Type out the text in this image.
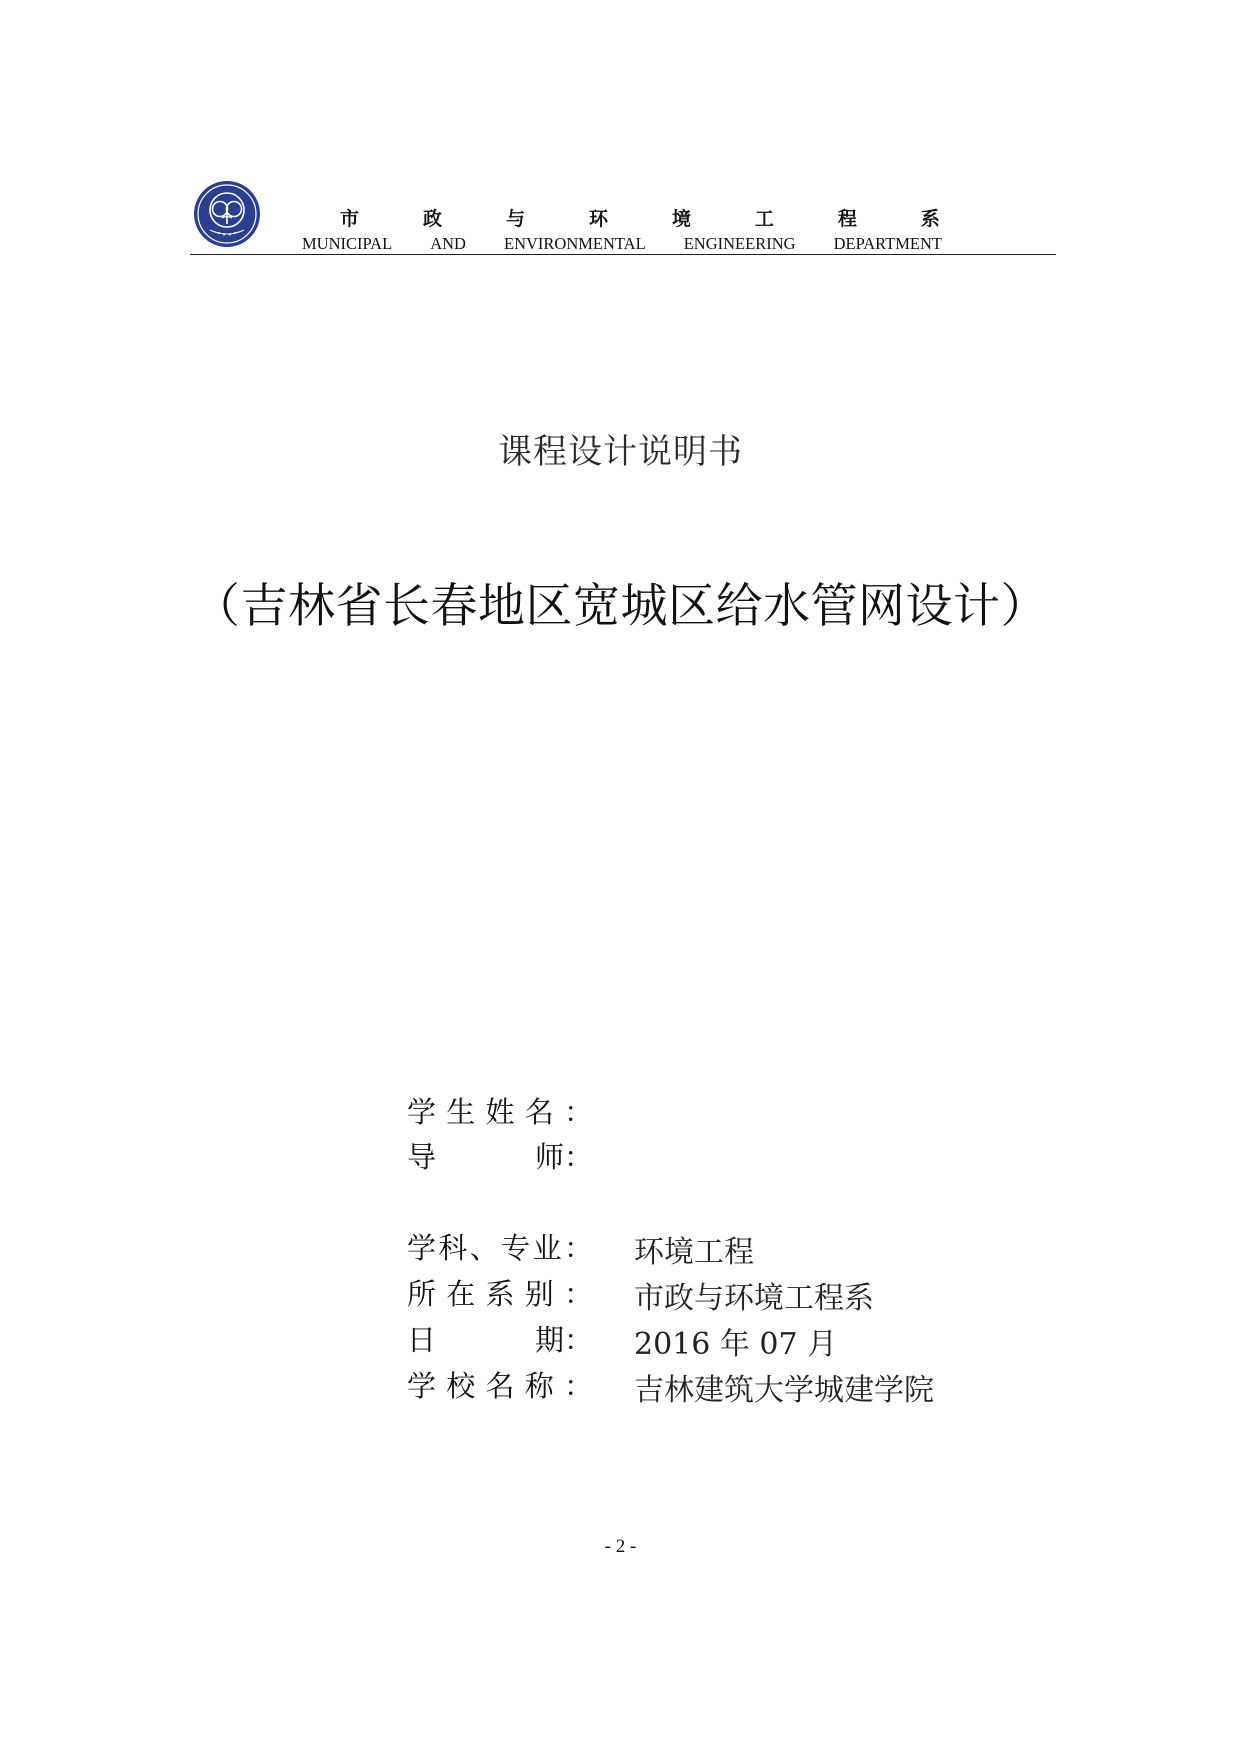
市	政	与	环	境	工	程	系
MUNICIPAL AND ENVIRONMENTAL ENGINEERING DEPARTMENT
课程设计说明书
（吉林省长春地区宽城区给水管网设计）
学 生 姓 名 ：
导	师 ：
学 科 、 专 业 ： 环境工程
所 在 系 别 ： 市政与环境工程系
日	期 ： 2016 年 07 月
学 校 名 称 ： 吉林建筑大学城建学院
- 2 -
